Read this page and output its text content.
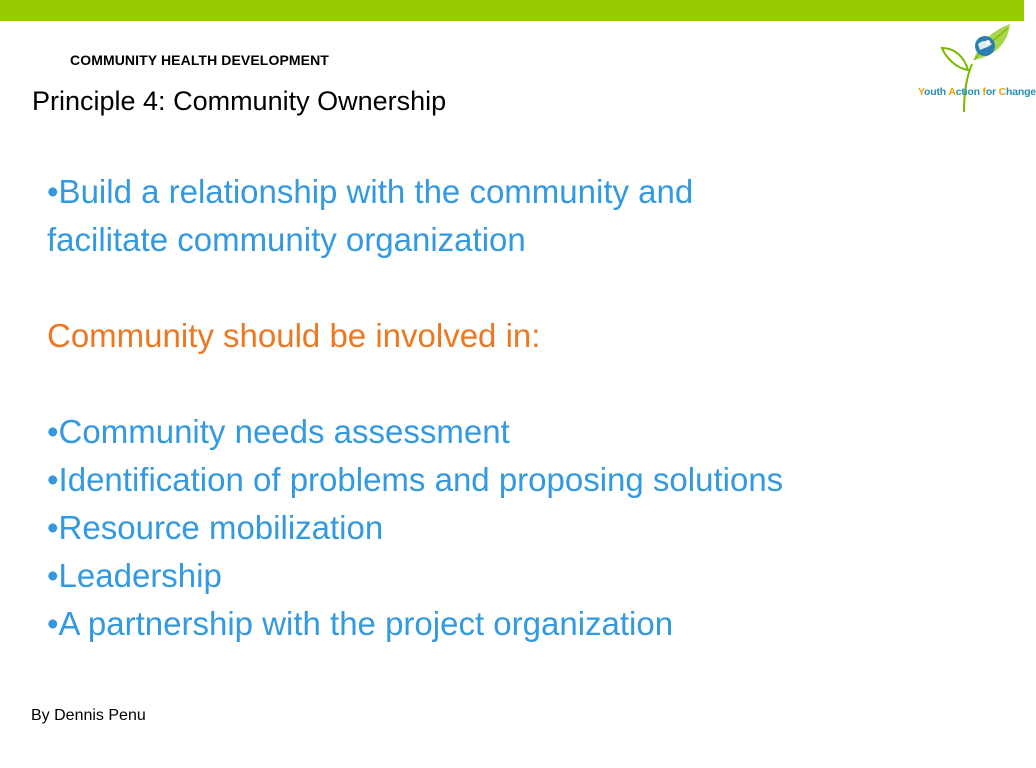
COMMUNITY HEALTH DEVELOPMENT
Principle 4: Community Ownership	Youth Action for Change
•Build a relationship with the community and
facilitate community organization
Community should be involved in:
•Community needs assessment
•Identification of problems and proposing solutions
•Resource mobilization
•Leadership
•A partnership with the project organization
By Dennis Penu
